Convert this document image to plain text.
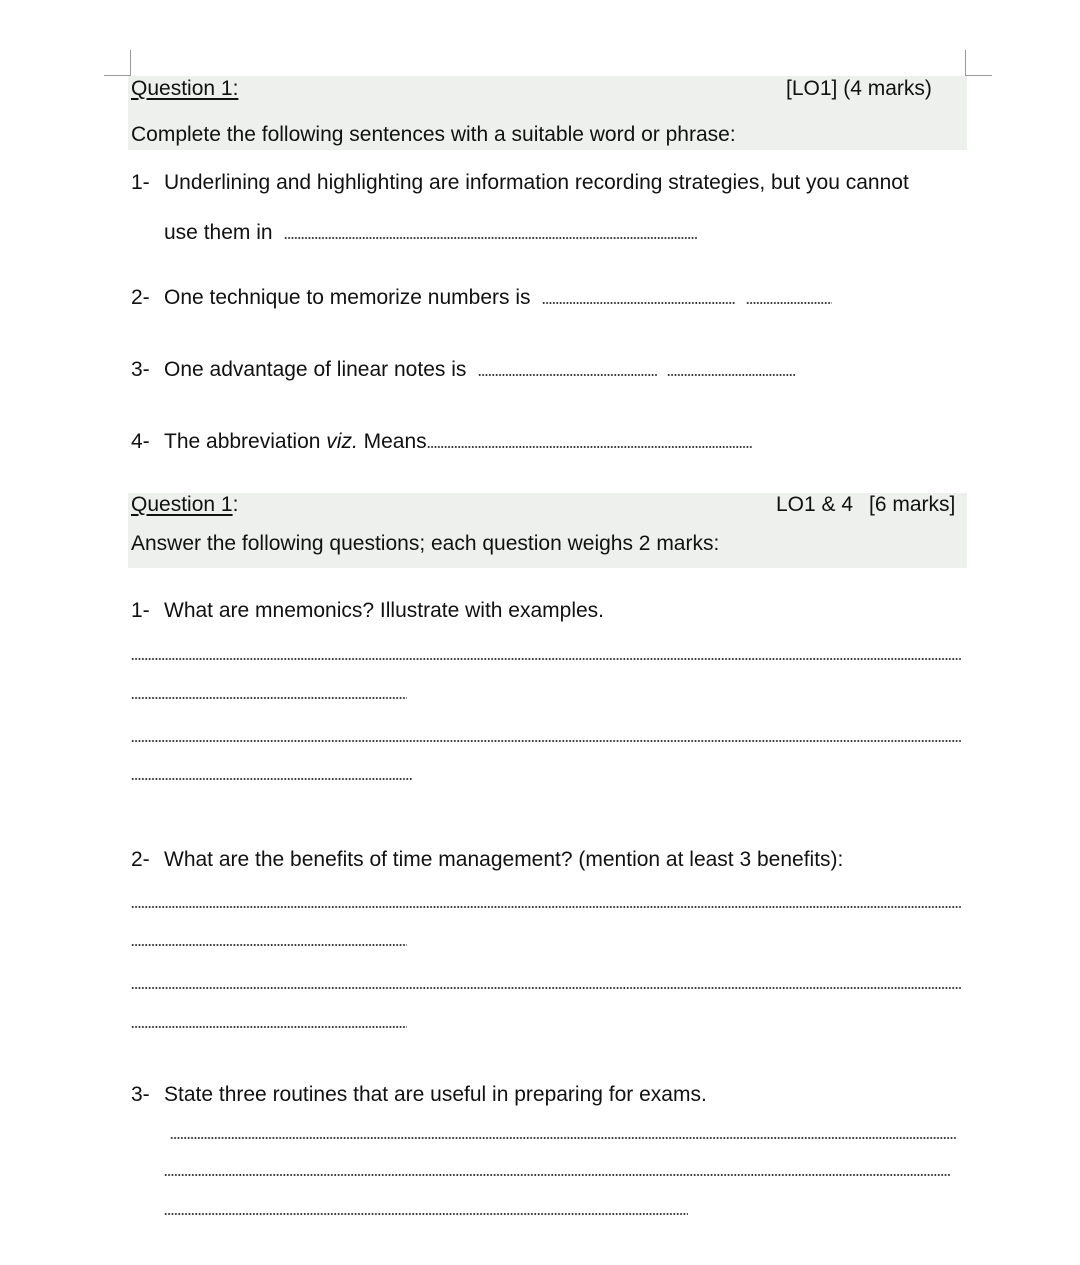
Question 1:	[LO1] (4 marks)
Complete the following sentences with a suitable word or phrase:
1- Underlining and highlighting are information recording strategies, but you cannot
use them in
2- One technique to memorize numbers is
3- One advantage of linear notes is
4- The abbreviation viz. Means
Question 1:	LO1 & 4 [6 marks]
Answer the following questions; each question weighs 2 marks:
1- What are mnemonics? Illustrate with examples.
2- What are the benefits of time management? (mention at least 3 benefits):
3- State three routines that are useful in preparing for exams.
